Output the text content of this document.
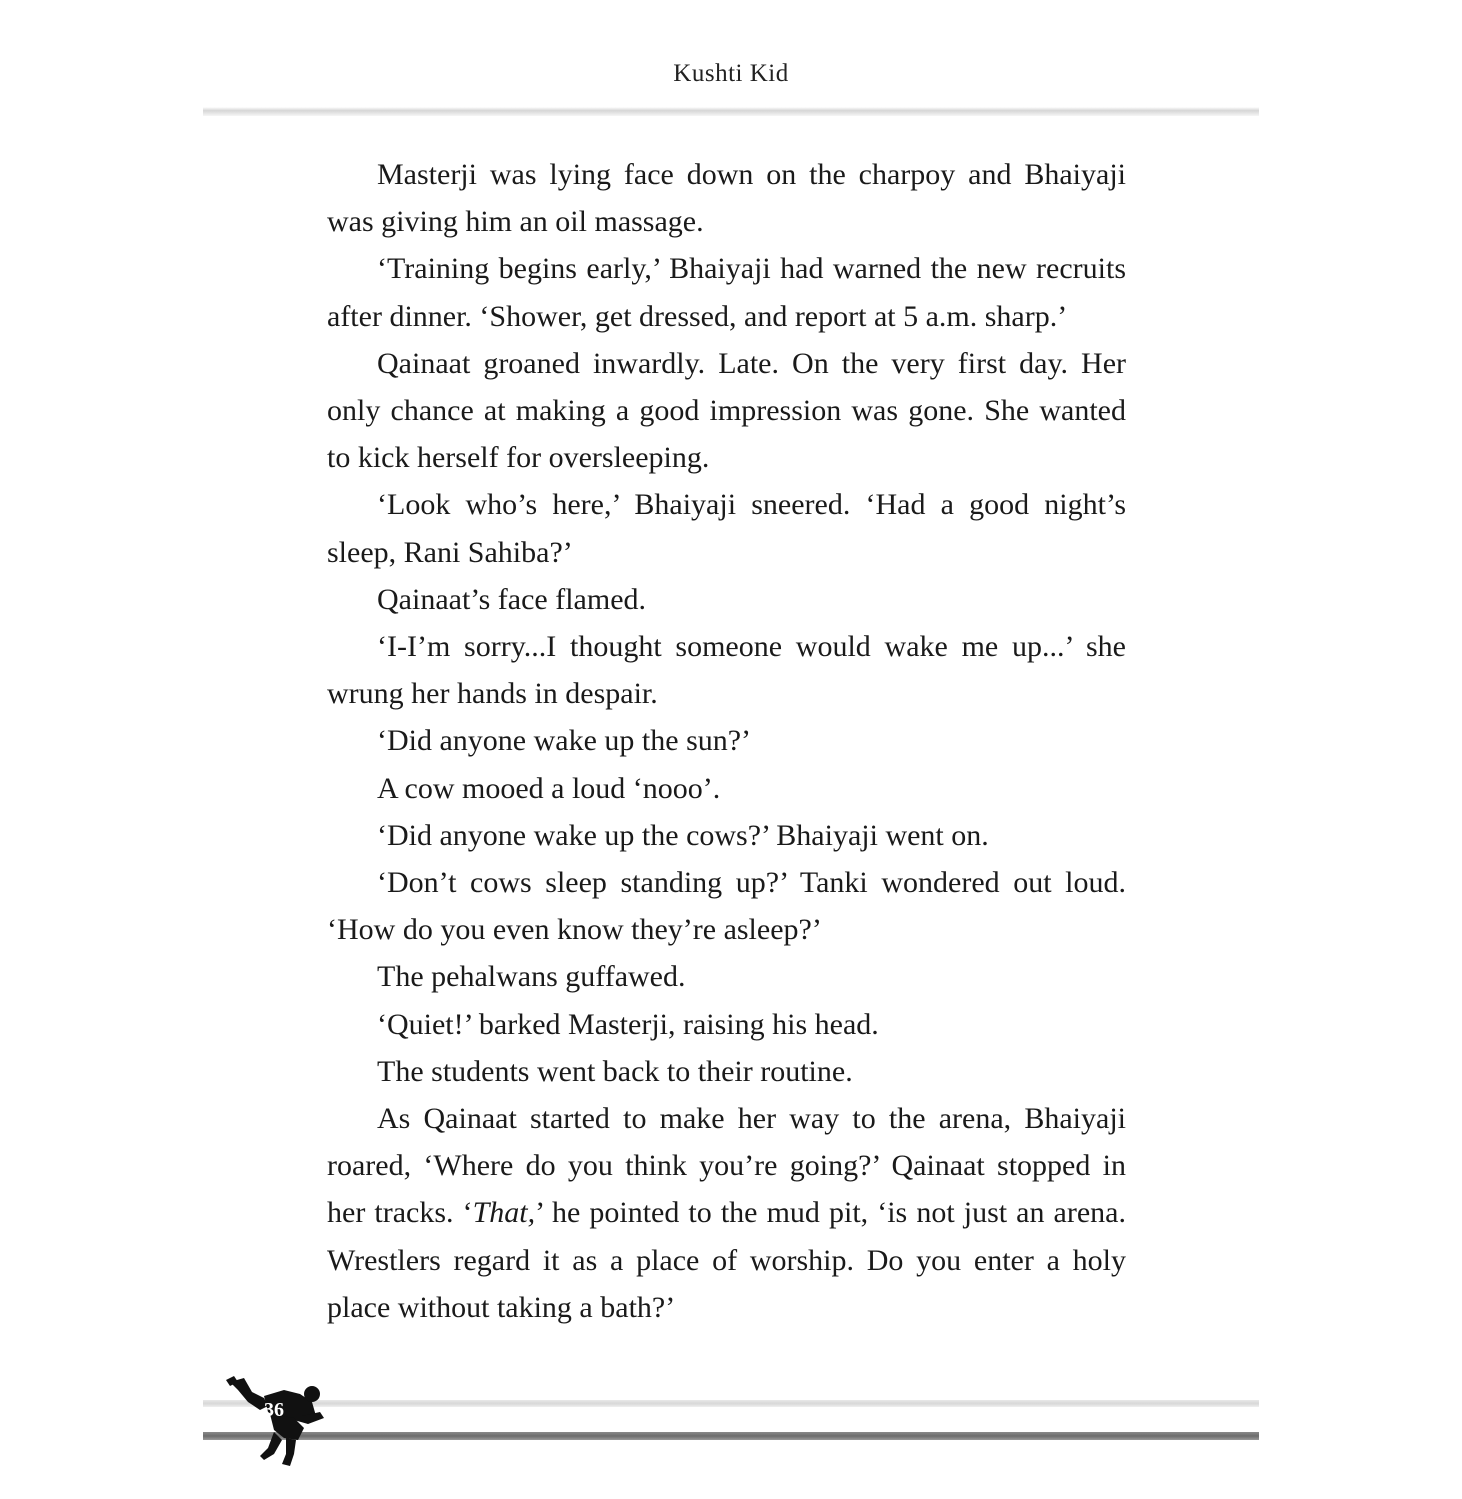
Kushti Kid

Masterji was lying face down on the charpoy and Bhaiyaji was giving him an oil massage.

‘Training begins early,’ Bhaiyaji had warned the new recruits after dinner. ‘Shower, get dressed, and report at 5 a.m. sharp.’

Qainaat groaned inwardly. Late. On the very first day. Her only chance at making a good impression was gone. She wanted to kick herself for oversleeping.

‘Look who’s here,’ Bhaiyaji sneered. ‘Had a good night’s sleep, Rani Sahiba?’

Qainaat’s face flamed.

‘I-I’m sorry...I thought someone would wake me up...’ she wrung her hands in despair.

‘Did anyone wake up the sun?’

A cow mooed a loud ‘nooo’.

‘Did anyone wake up the cows?’ Bhaiyaji went on.

‘Don’t cows sleep standing up?’ Tanki wondered out loud. ‘How do you even know they’re asleep?’

The pehalwans guffawed.

‘Quiet!’ barked Masterji, raising his head.

The students went back to their routine.

As Qainaat started to make her way to the arena, Bhaiyaji roared, ‘Where do you think you’re going?’ Qainaat stopped in her tracks. ‘That,’ he pointed to the mud pit, ‘is not just an arena. Wrestlers regard it as a place of worship. Do you enter a holy place without taking a bath?’

36
